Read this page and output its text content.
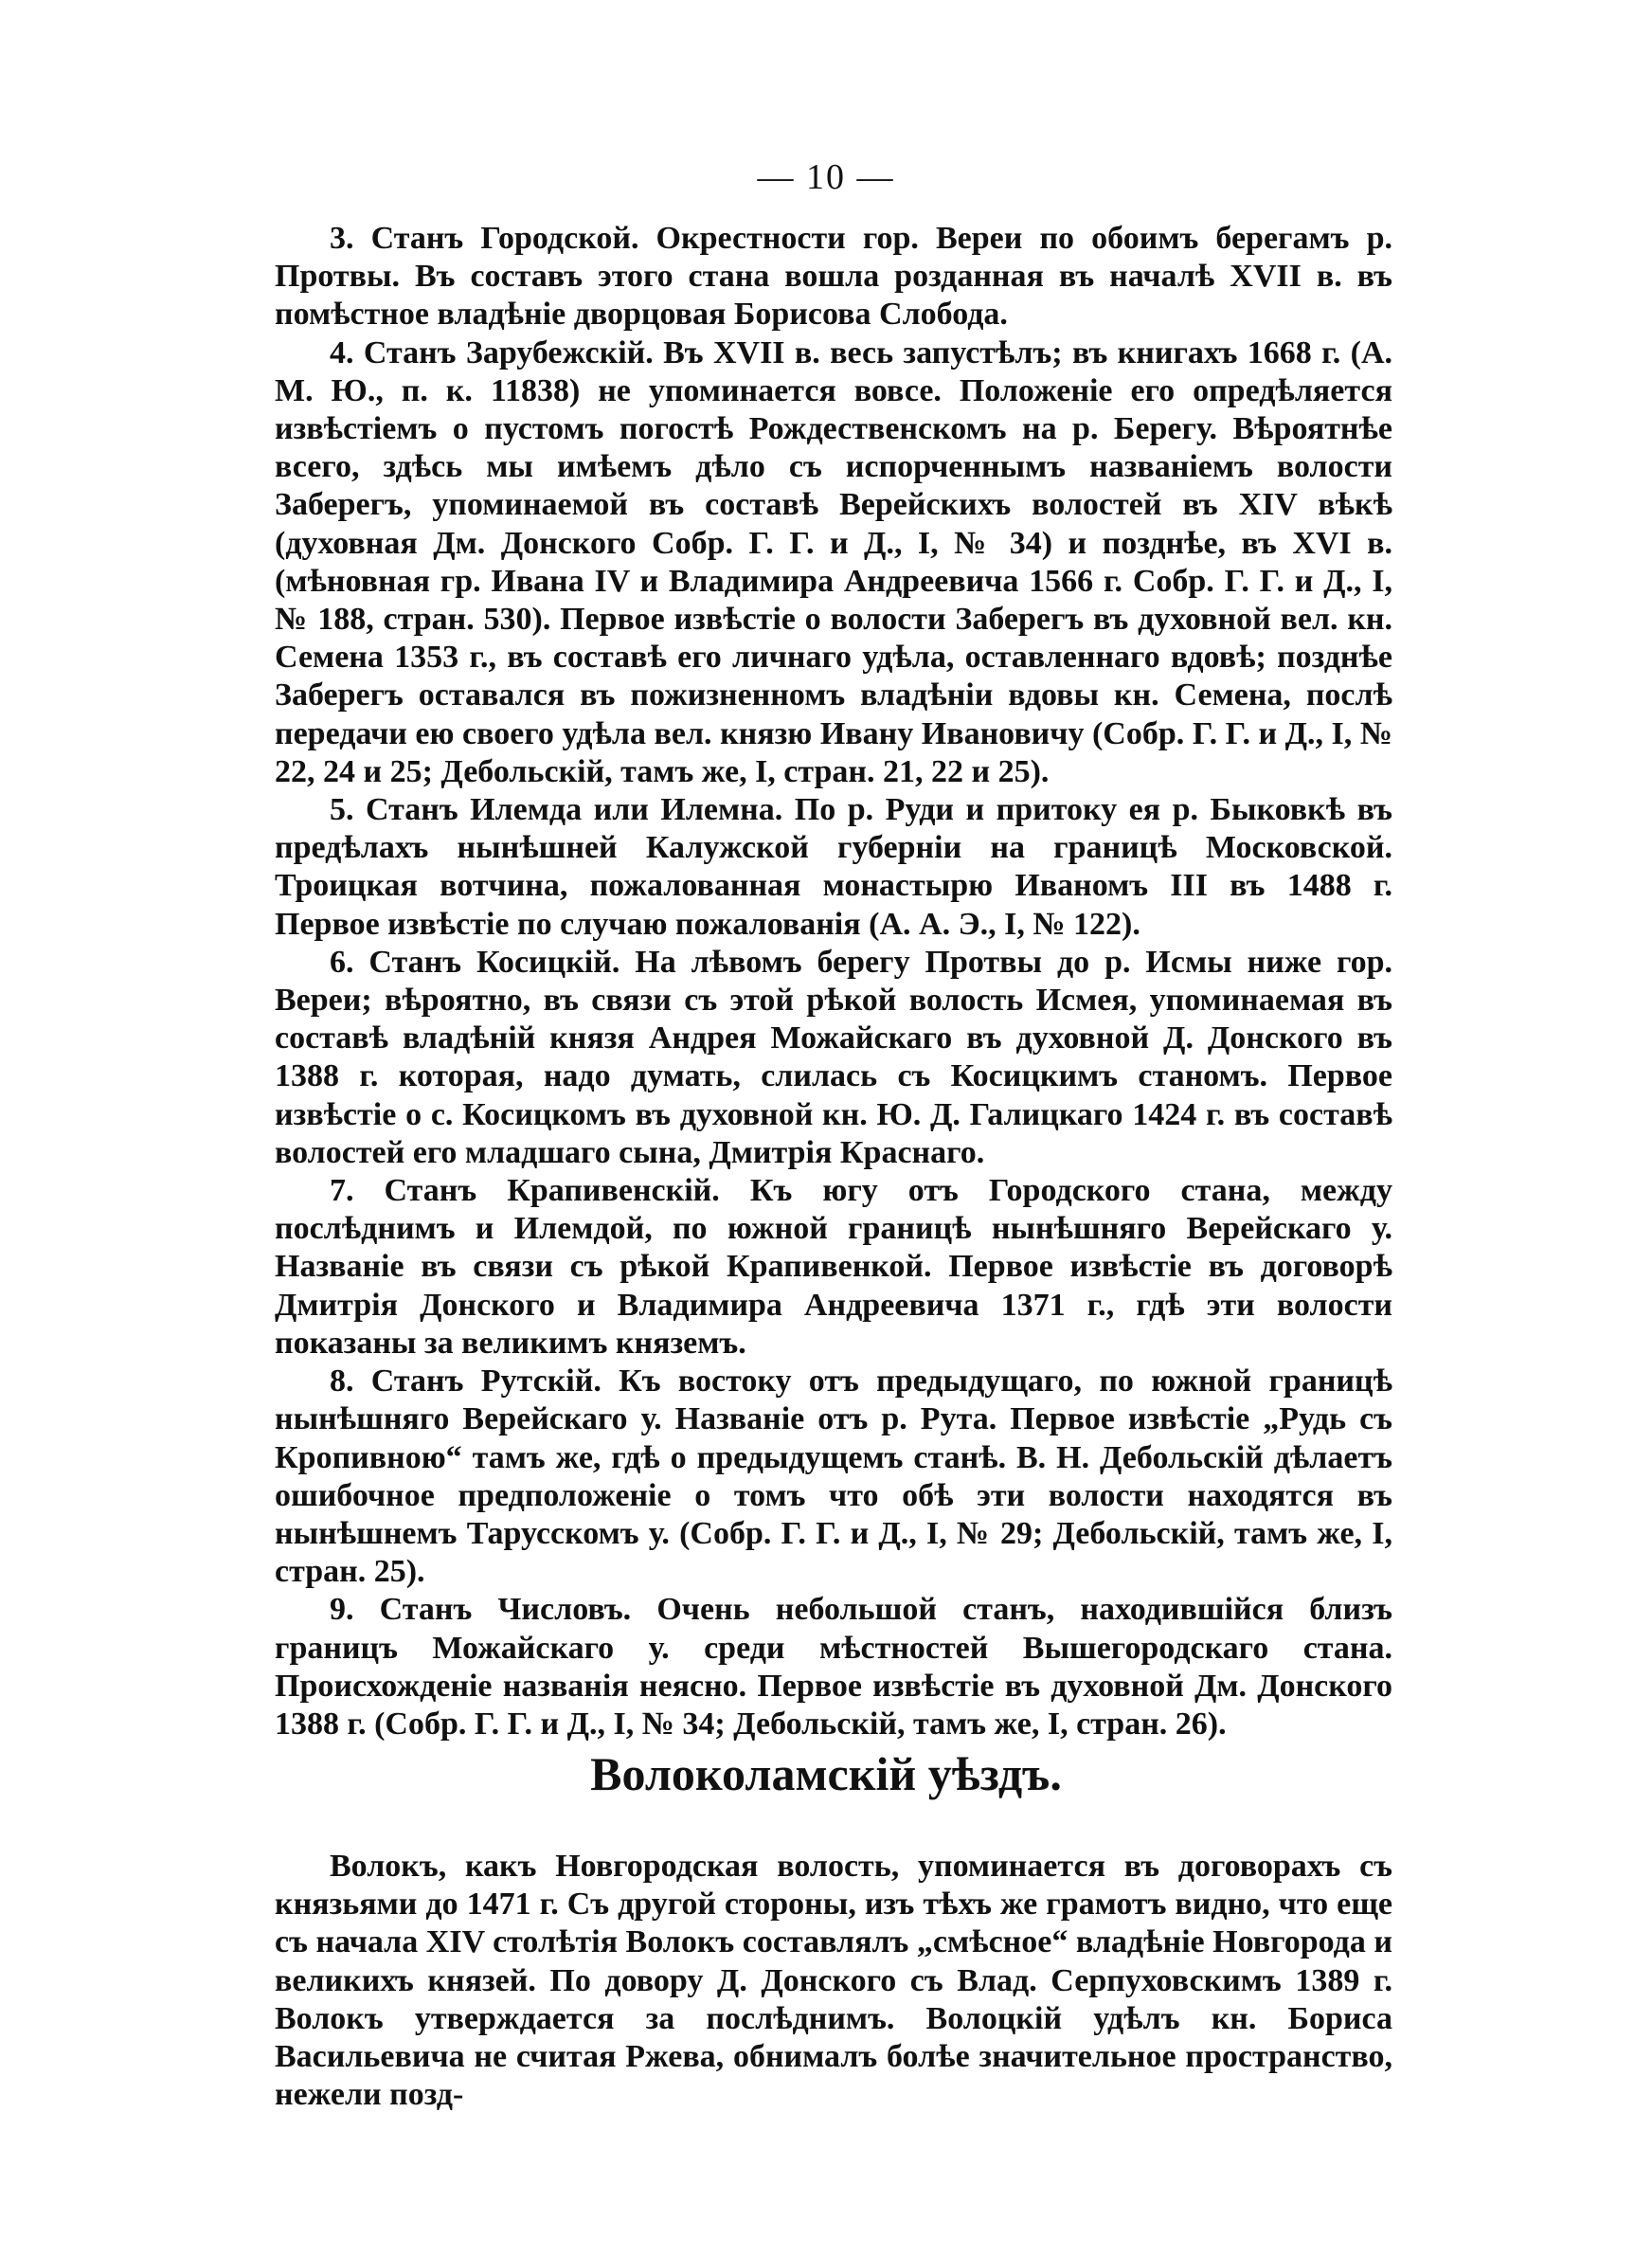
— 10 —

3. Станъ Городской. Окрестности гор. Вереи по обоимъ берегамъ р. Протвы. Въ составъ этого стана вошла розданная въ началѣ XVII в. въ помѣстное владѣніе дворцовая Борисова Слобода.

4. Станъ Зарубежскій. Въ XVII в. весь запустѣлъ; въ книгахъ 1668 г. (А. М. Ю., п. к. 11838) не упоминается вовсе. Положеніе его опредѣляется извѣстіемъ о пустомъ погостѣ Рождественскомъ на р. Берегу. Вѣроятнѣе всего, здѣсь мы имѣемъ дѣло съ испорченнымъ названіемъ волости Заберегъ, упоминаемой въ составѣ Верейскихъ волостей въ XIV вѣкѣ (духовная Дм. Донского Собр. Г. Г. и Д., I, № 34) и позднѣе, въ XVI в. (мѣновная гр. Ивана IV и Владимира Андреевича 1566 г. Собр. Г. Г. и Д., I, № 188, стран. 530). Первое извѣстіе о волости Заберегъ въ духовной вел. кн. Семена 1353 г., въ составѣ его личнаго удѣла, оставленнаго вдовѣ; позднѣе Заберегъ оставался въ пожизненномъ владѣніи вдовы кн. Семена, послѣ передачи ею своего удѣла вел. князю Ивану Ивановичу (Собр. Г. Г. и Д., I, № 22, 24 и 25; Дебольскій, тамъ же, I, стран. 21, 22 и 25).

5. Станъ Илемда или Илемна. По р. Руди и притоку ея р. Быковкѣ въ предѣлахъ нынѣшней Калужской губерніи на границѣ Московской. Троицкая вотчина, пожалованная монастырю Иваномъ III въ 1488 г. Первое извѣстіе по случаю пожалованія (А. А. Э., I, № 122).

6. Станъ Косицкій. На лѣвомъ берегу Протвы до р. Исмы ниже гор. Вереи; вѣроятно, въ связи съ этой рѣкой волость Исмея, упоминаемая въ составѣ владѣній князя Андрея Можайскаго въ духовной Д. Донского въ 1388 г. которая, надо думать, слилась съ Косицкимъ станомъ. Первое извѣстіе о с. Косицкомъ въ духовной кн. Ю. Д. Галицкаго 1424 г. въ составѣ волостей его младшаго сына, Дмитрія Краснаго.

7. Станъ Крапивенскій. Къ югу отъ Городского стана, между послѣднимъ и Илемдой, по южной границѣ нынѣшняго Верейскаго у. Названіе въ связи съ рѣкой Крапивенкой. Первое извѣстіе въ договорѣ Дмитрія Донского и Владимира Андреевича 1371 г., гдѣ эти волости показаны за великимъ княземъ.

8. Станъ Рутскій. Къ востоку отъ предыдущаго, по южной границѣ нынѣшняго Верейскаго у. Названіе отъ р. Рута. Первое извѣстіе „Рудь съ Кропивною“ тамъ же, гдѣ о предыдущемъ станѣ. В. Н. Дебольскій дѣлаетъ ошибочное предположеніе о томъ что обѣ эти волости находятся въ нынѣшнемъ Тарусскомъ у. (Собр. Г. Г. и Д., I, № 29; Дебольскій, тамъ же, I, стран. 25).

9. Станъ Числовъ. Очень небольшой станъ, находившійся близъ границъ Можайскаго у. среди мѣстностей Вышегородскаго стана. Происхожденіе названія неясно. Первое извѣстіе въ духовной Дм. Донского 1388 г. (Собр. Г. Г. и Д., I, № 34; Дебольскій, тамъ же, I, стран. 26).

Волоколамскій уѣздъ.

Волокъ, какъ Новгородская волость, упоминается въ договорахъ съ князьями до 1471 г. Съ другой стороны, изъ тѣхъ же грамотъ видно, что еще съ начала XIV столѣтія Волокъ составлялъ „смѣсное“ владѣніе Новгорода и великихъ князей. По довору Д. Донского съ Влад. Серпуховскимъ 1389 г. Волокъ утверждается за послѣднимъ. Волоцкій удѣлъ кн. Бориса Васильевича не считая Ржева, обнималъ болѣе значительное пространство, нежели позд-
